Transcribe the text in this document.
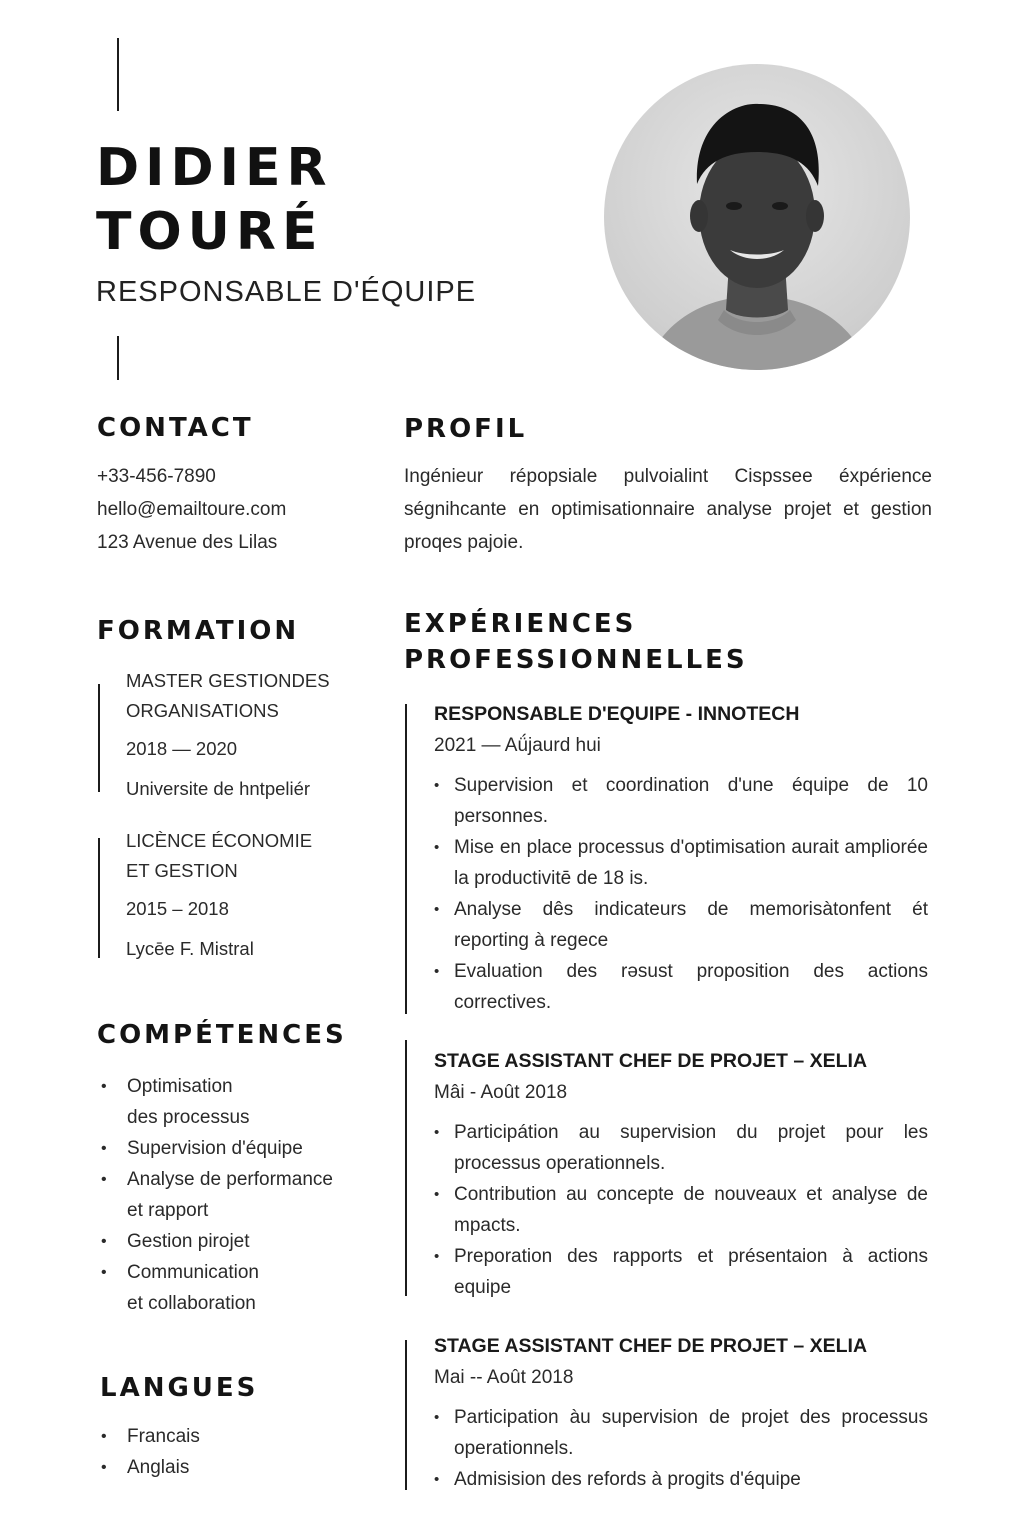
DIDIER
TOURÉ
RESPONSABLE D'ÉQUIPE
CONTACT
+33-456-7890
hello@emailtoure.com
123 Avenue des Lilas
PROFIL
Ingénieur répopsiale pulvoialint Cispssee éxpérience ségnihcante en optimisationnaire analyse projet et gestion proqes pajoie.
FORMATION
MASTER GESTIONDES
ORGANISATIONS
2018 — 2020
Universite de hntpeliér
LICÈNCE ÉCONOMIE
ET GESTION
2015 – 2018
Lycēe F. Mistral
COMPÉTENCES
• Optimisation
des processus
• Supervision d'équipe
• Analyse de performance
et rapport
• Gestion pirojet
• Communication
et collaboration
LANGUES
• Francais
• Anglais
EXPÉRIENCES
PROFESSIONNELLES
RESPONSABLE D'EQUIPE - INNOTECH
2021 — Aǘjaurd hui
• Supervision et coordination d'une équipe de 10 personnes.
• Mise en place processus d'optimisation aurait ampliorée la productivitē de 18 is.
• Analyse dês indicateurs de memorisàtonfent ét reporting à regece
• Evaluation des rəsust proposition des actions correctives.
STAGE ASSISTANT CHEF DE PROJET – XELIA
Mâi - Août 2018
• Participátion au supervision du projet pour les processus operationnels.
• Contribution au concepte de nouveaux et analyse de mpacts.
• Preporation des rapports et présentaion à actions equipe
STAGE ASSISTANT CHEF DE PROJET – XELIA
Mai -- Août 2018
• Participation àu supervision de projet des processus operationnels.
• Admisision des refords à progits d'équipe
